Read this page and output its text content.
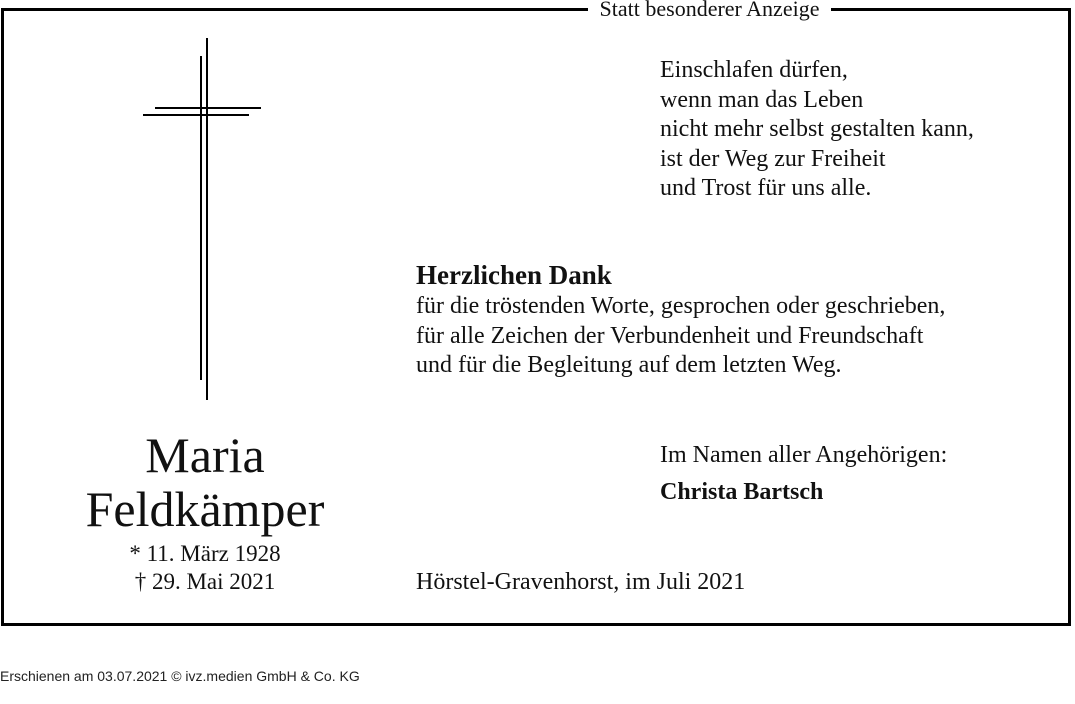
Statt besonderer Anzeige
Einschlafen dürfen,
wenn man das Leben
nicht mehr selbst gestalten kann,
ist der Weg zur Freiheit
und Trost für uns alle.
Herzlichen Dank
für die tröstenden Worte, gesprochen oder geschrieben,
für alle Zeichen der Verbundenheit und Freundschaft
und für die Begleitung auf dem letzten Weg.
Maria
Feldkämper
* 11. März 1928
† 29. Mai 2021
Im Namen aller Angehörigen:
Christa Bartsch
Hörstel-Gravenhorst, im Juli 2021
Erschienen am 03.07.2021 © ivz.medien GmbH & Co. KG
